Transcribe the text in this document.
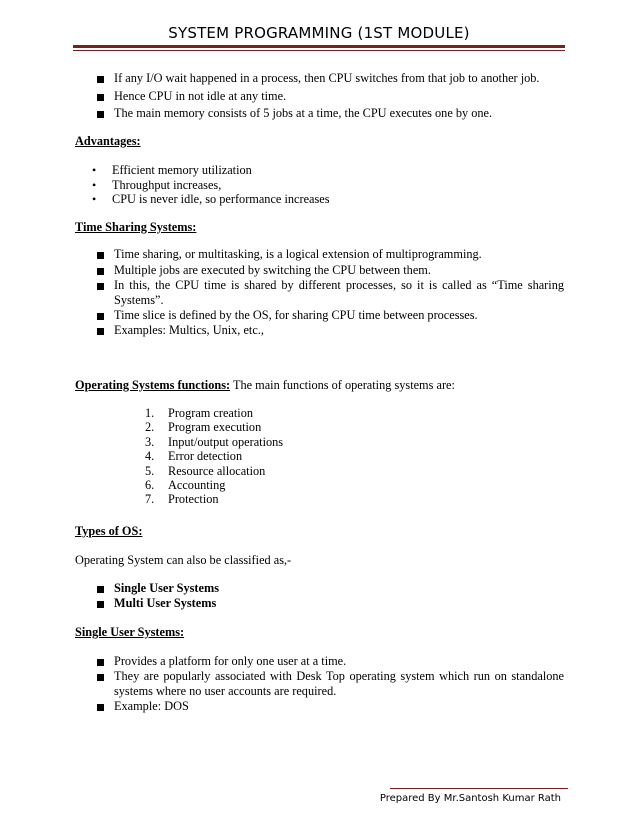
SYSTEM PROGRAMMING (1ST MODULE)
If any I/O wait happened in a process, then CPU switches from that job to another job.
Hence CPU in not idle at any time.
The main memory consists of 5 jobs at a time, the CPU executes one by one.
Advantages:
• Efficient memory utilization
• Throughput increases,
• CPU is never idle, so performance increases
Time Sharing Systems:
Time sharing, or multitasking, is a logical extension of multiprogramming.
Multiple jobs are executed by switching the CPU between them.
In this, the CPU time is shared by different processes, so it is called as “Time sharing Systems”.
Time slice is defined by the OS, for sharing CPU time between processes.
Examples: Multics, Unix, etc.,
Operating Systems functions: The main functions of operating systems are:
1.	Program creation
2.	Program execution
3.	Input/output operations
4.	Error detection
5.	Resource allocation
6.	Accounting
7.	Protection
Types of OS:
Operating System can also be classified as,-
Single User Systems
Multi User Systems
Single User Systems:
Provides a platform for only one user at a time.
They are popularly associated with Desk Top operating system which run on standalone systems where no user accounts are required.
Example: DOS
Prepared By Mr.Santosh Kumar Rath
